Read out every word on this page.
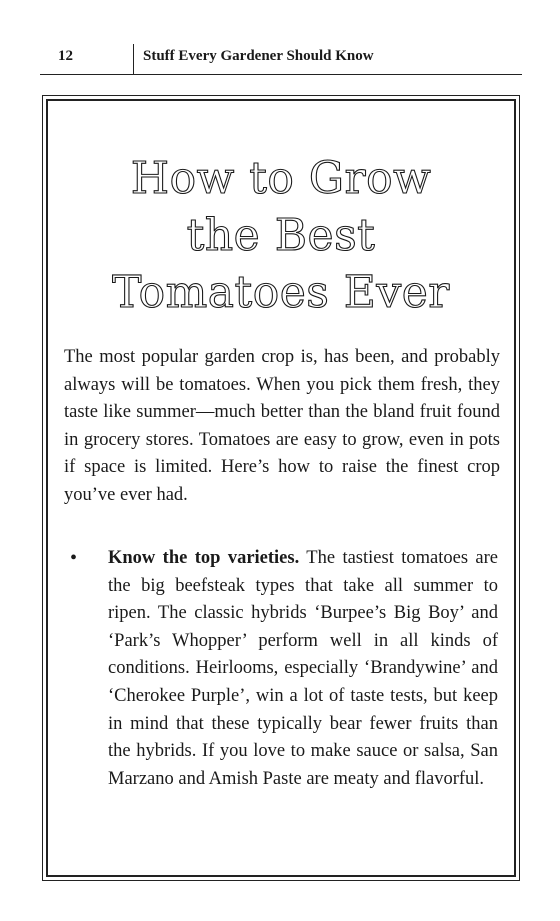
12	Stuff Every Gardener Should Know
How to Grow
the Best
Tomatoes Ever

The most popular garden crop is, has been, and probably always will be tomatoes. When you pick them fresh, they taste like summer—much better than the bland fruit found in grocery stores. Tomatoes are easy to grow, even in pots if space is limited. Here’s how to raise the finest crop you’ve ever had.

• Know the top varieties. The tastiest tomatoes are the big beefsteak types that take all summer to ripen. The classic hybrids ‘Burpee’s Big Boy’ and ‘Park’s Whopper’ perform well in all kinds of conditions. Heirlooms, especially ‘Brandywine’ and ‘Cherokee Purple’, win a lot of taste tests, but keep in mind that these typically bear fewer fruits than the hybrids. If you love to make sauce or salsa, San Marzano and Amish Paste are meaty and flavorful.
